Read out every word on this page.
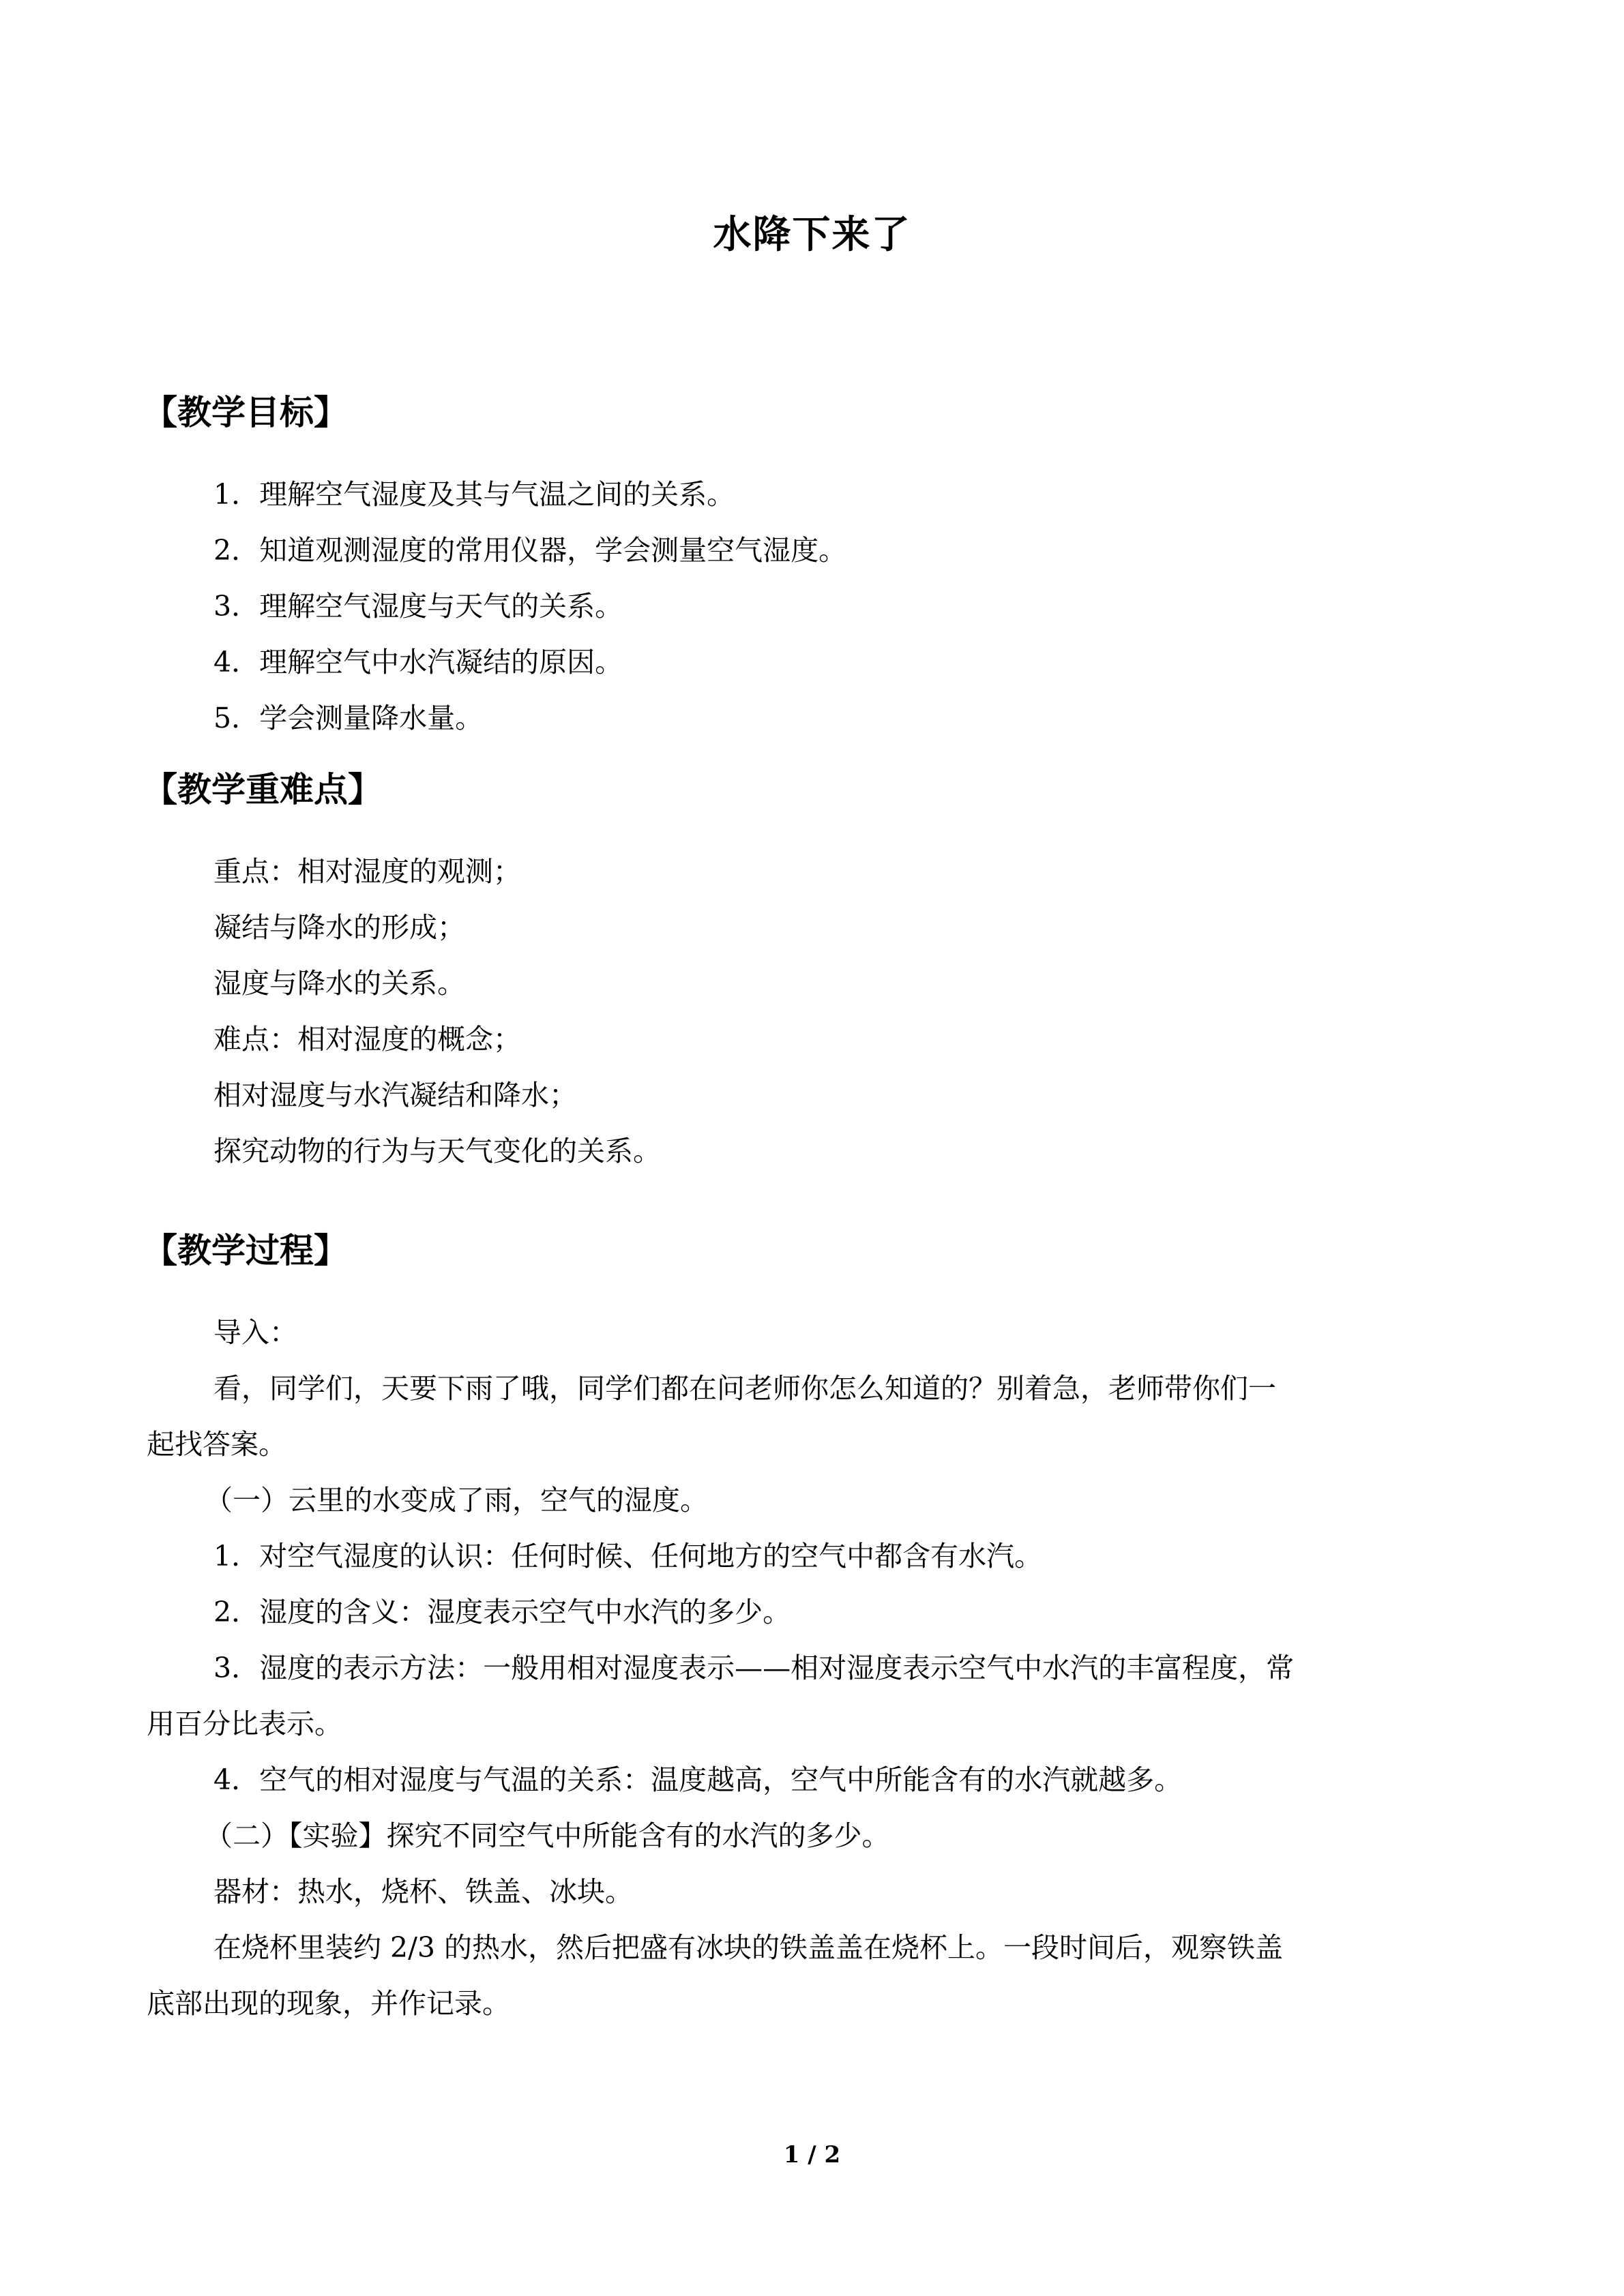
水降下来了
【教学目标】
1．理解空气湿度及其与气温之间的关系。
2．知道观测湿度的常用仪器，学会测量空气湿度。
3．理解空气湿度与天气的关系。
4．理解空气中水汽凝结的原因。
5．学会测量降水量。
【教学重难点】
重点：相对湿度的观测；
凝结与降水的形成；
湿度与降水的关系。
难点：相对湿度的概念；
相对湿度与水汽凝结和降水；
探究动物的行为与天气变化的关系。
【教学过程】
导入：
看，同学们，天要下雨了哦，同学们都在问老师你怎么知道的？别着急，老师带你们一
起找答案。
（一）云里的水变成了雨，空气的湿度。
1．对空气湿度的认识：任何时候、任何地方的空气中都含有水汽。
2．湿度的含义：湿度表示空气中水汽的多少。
3．湿度的表示方法：一般用相对湿度表示——相对湿度表示空气中水汽的丰富程度，常
用百分比表示。
4．空气的相对湿度与气温的关系：温度越高，空气中所能含有的水汽就越多。
（二）【实验】探究不同空气中所能含有的水汽的多少。
器材：热水，烧杯、铁盖、冰块。
在烧杯里装约 2/3 的热水，然后把盛有冰块的铁盖盖在烧杯上。一段时间后，观察铁盖
底部出现的现象，并作记录。
1 / 2
